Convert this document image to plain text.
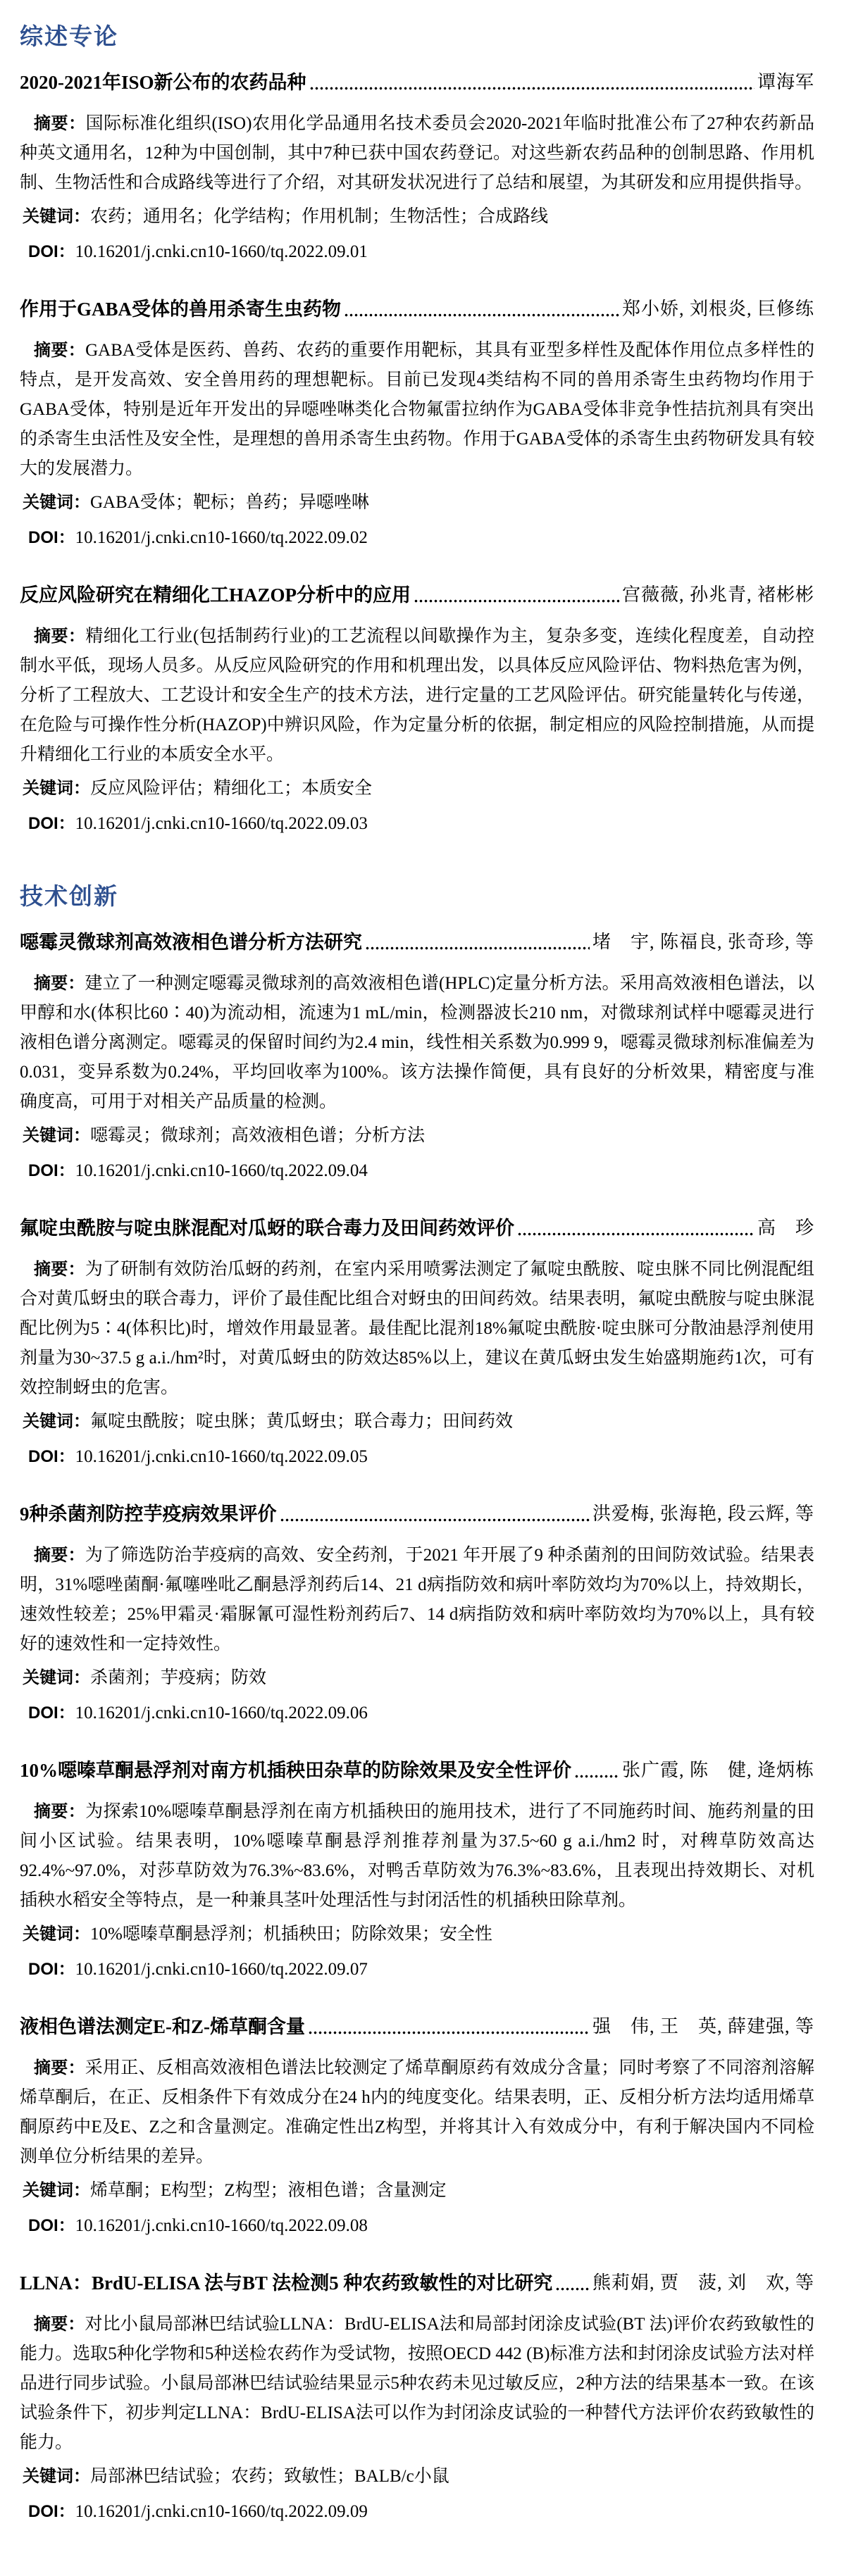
综述专论
2020-2021年ISO新公布的农药品种	谭海军

摘要：国际标准化组织(ISO)农用化学品通用名技术委员会2020-2021年临时批准公布了27种农药新品种英文通用名，12种为中国创制，其中7种已获中国农药登记。对这些新农药品种的创制思路、作用机制、生物活性和合成路线等进行了介绍，对其研发状况进行了总结和展望，为其研发和应用提供指导。

关键词：农药；通用名；化学结构；作用机制；生物活性；合成路线

DOI：10.16201/j.cnki.cn10-1660/tq.2022.09.01

作用于GABA受体的兽用杀寄生虫药物	郑小娇, 刘根炎, 巨修练

摘要：GABA受体是医药、兽药、农药的重要作用靶标，其具有亚型多样性及配体作用位点多样性的特点，是开发高效、安全兽用药的理想靶标。目前已发现4类结构不同的兽用杀寄生虫药物均作用于GABA受体，特别是近年开发出的异噁唑啉类化合物氟雷拉纳作为GABA受体非竞争性拮抗剂具有突出的杀寄生虫活性及安全性，是理想的兽用杀寄生虫药物。作用于GABA受体的杀寄生虫药物研发具有较大的发展潜力。

关键词：GABA受体；靶标；兽药；异噁唑啉

DOI：10.16201/j.cnki.cn10-1660/tq.2022.09.02

反应风险研究在精细化工HAZOP分析中的应用	宫薇薇, 孙兆青, 褚彬彬

摘要：精细化工行业(包括制药行业)的工艺流程以间歇操作为主，复杂多变，连续化程度差，自动控制水平低，现场人员多。从反应风险研究的作用和机理出发，以具体反应风险评估、物料热危害为例，分析了工程放大、工艺设计和安全生产的技术方法，进行定量的工艺风险评估。研究能量转化与传递，在危险与可操作性分析(HAZOP)中辨识风险，作为定量分析的依据，制定相应的风险控制措施，从而提升精细化工行业的本质安全水平。

关键词：反应风险评估；精细化工；本质安全

DOI：10.16201/j.cnki.cn10-1660/tq.2022.09.03

技术创新
噁霉灵微球剂高效液相色谱分析方法研究	堵　宇, 陈福良, 张奇珍, 等

摘要：建立了一种测定噁霉灵微球剂的高效液相色谱(HPLC)定量分析方法。采用高效液相色谱法，以甲醇和水(体积比60∶40)为流动相，流速为1 mL/min，检测器波长210 nm，对微球剂试样中噁霉灵进行液相色谱分离测定。噁霉灵的保留时间约为2.4 min，线性相关系数为0.999 9，噁霉灵微球剂标准偏差为0.031，变异系数为0.24%，平均回收率为100%。该方法操作简便，具有良好的分析效果，精密度与准确度高，可用于对相关产品质量的检测。

关键词：噁霉灵；微球剂；高效液相色谱；分析方法

DOI：10.16201/j.cnki.cn10-1660/tq.2022.09.04

氟啶虫酰胺与啶虫脒混配对瓜蚜的联合毒力及田间药效评价	高　珍

摘要：为了研制有效防治瓜蚜的药剂，在室内采用喷雾法测定了氟啶虫酰胺、啶虫脒不同比例混配组合对黄瓜蚜虫的联合毒力，评价了最佳配比组合对蚜虫的田间药效。结果表明，氟啶虫酰胺与啶虫脒混配比例为5∶4(体积比)时，增效作用最显著。最佳配比混剂18%氟啶虫酰胺·啶虫脒可分散油悬浮剂使用剂量为30~37.5 g a.i./hm²时，对黄瓜蚜虫的防效达85%以上，建议在黄瓜蚜虫发生始盛期施药1次，可有效控制蚜虫的危害。

关键词：氟啶虫酰胺；啶虫脒；黄瓜蚜虫；联合毒力；田间药效

DOI：10.16201/j.cnki.cn10-1660/tq.2022.09.05

9种杀菌剂防控芋疫病效果评价	洪爱梅, 张海艳, 段云辉, 等

摘要：为了筛选防治芋疫病的高效、安全药剂，于2021 年开展了9 种杀菌剂的田间防效试验。结果表明，31%噁唑菌酮·氟噻唑吡乙酮悬浮剂药后14、21 d病指防效和病叶率防效均为70%以上，持效期长，速效性较差；25%甲霜灵·霜脲氰可湿性粉剂药后7、14 d病指防效和病叶率防效均为70%以上，具有较好的速效性和一定持效性。

关键词：杀菌剂；芋疫病；防效

DOI：10.16201/j.cnki.cn10-1660/tq.2022.09.06

10%噁嗪草酮悬浮剂对南方机插秧田杂草的防除效果及安全性评价	张广霞, 陈　健, 逄炳栋

摘要：为探索10%噁嗪草酮悬浮剂在南方机插秧田的施用技术，进行了不同施药时间、施药剂量的田间小区试验。结果表明，10%噁嗪草酮悬浮剂推荐剂量为37.5~60 g a.i./hm2 时，对稗草防效高达92.4%~97.0%，对莎草防效为76.3%~83.6%，对鸭舌草防效为76.3%~83.6%，且表现出持效期长、对机插秧水稻安全等特点，是一种兼具茎叶处理活性与封闭活性的机插秧田除草剂。

关键词：10%噁嗪草酮悬浮剂；机插秧田；防除效果；安全性

DOI：10.16201/j.cnki.cn10-1660/tq.2022.09.07

液相色谱法测定E-和Z-烯草酮含量	强　伟, 王　英, 薛建强, 等

摘要：采用正、反相高效液相色谱法比较测定了烯草酮原药有效成分含量；同时考察了不同溶剂溶解烯草酮后，在正、反相条件下有效成分在24 h内的纯度变化。结果表明，正、反相分析方法均适用烯草酮原药中E及E、Z之和含量测定。准确定性出Z构型，并将其计入有效成分中，有利于解决国内不同检测单位分析结果的差异。

关键词：烯草酮；E构型；Z构型；液相色谱；含量测定

DOI：10.16201/j.cnki.cn10-1660/tq.2022.09.08

LLNA：BrdU-ELISA 法与BT 法检测5 种农药致敏性的对比研究 熊莉娟, 贾　菠, 刘　欢, 等

摘要：对比小鼠局部淋巴结试验LLNA：BrdU-ELISA法和局部封闭涂皮试验(BT 法)评价农药致敏性的能力。选取5种化学物和5种送检农药作为受试物，按照OECD 442 (B)标准方法和封闭涂皮试验方法对样品进行同步试验。小鼠局部淋巴结试验结果显示5种农药未见过敏反应，2种方法的结果基本一致。在该试验条件下，初步判定LLNA：BrdU-ELISA法可以作为封闭涂皮试验的一种替代方法评价农药致敏性的能力。

关键词：局部淋巴结试验；农药；致敏性；BALB/c小鼠

DOI：10.16201/j.cnki.cn10-1660/tq.2022.09.09
